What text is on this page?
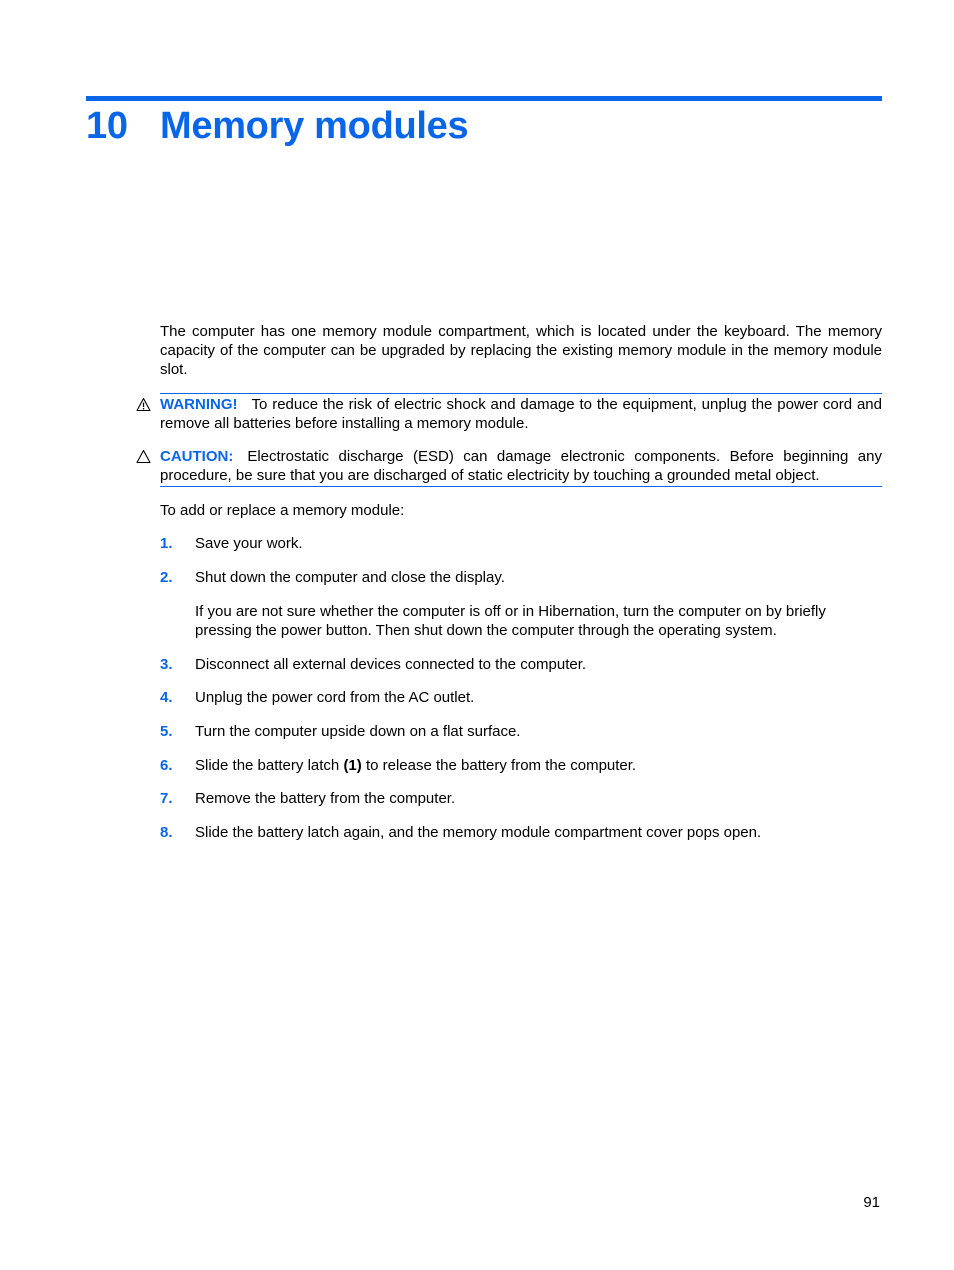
10 Memory modules

The computer has one memory module compartment, which is located under the keyboard. The memory capacity of the computer can be upgraded by replacing the existing memory module in the memory module slot.

WARNING! To reduce the risk of electric shock and damage to the equipment, unplug the power cord and remove all batteries before installing a memory module.
CAUTION: Electrostatic discharge (ESD) can damage electronic components. Before beginning any procedure, be sure that you are discharged of static electricity by touching a grounded metal object.

To add or replace a memory module:

1. Save your work.
2. Shut down the computer and close the display.
If you are not sure whether the computer is off or in Hibernation, turn the computer on by briefly pressing the power button. Then shut down the computer through the operating system.
3. Disconnect all external devices connected to the computer.
4. Unplug the power cord from the AC outlet.
5. Turn the computer upside down on a flat surface.
6. Slide the battery latch (1) to release the battery from the computer.
7. Remove the battery from the computer.
8. Slide the battery latch again, and the memory module compartment cover pops open.
91
